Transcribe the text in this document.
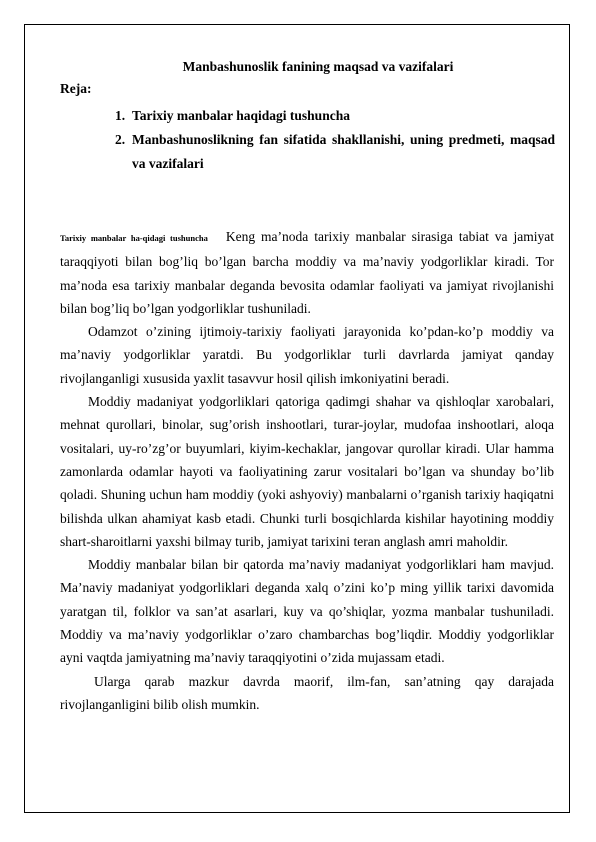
Manbashunoslik fanining maqsad va vazifalari
Reja:
1. Tarixiy manbalar haqidagi tushuncha
2. Manbashunoslikning fan sifatida shakllanishi, uning predmeti, maqsad va vazifalari

Tarixiy manbalar ha-qidagi tushuncha Keng ma’noda tarixiy manbalar sirasiga tabiat va jamiyat taraqqiyoti bilan bog’liq bo’lgan barcha moddiy va ma’naviy yodgorliklar kiradi. Tor ma’noda esa tarixiy manbalar deganda bevosita odamlar faoliyati va jamiyat rivojlanishi bilan bog’liq bo’lgan yodgorliklar tushuniladi.

Odamzot o’zining ijtimoiy-tarixiy faoliyati jarayonida ko’pdan-ko’p moddiy va ma’naviy yodgorliklar yaratdi. Bu yodgorliklar turli davrlarda jamiyat qanday rivojlanganligi xususida yaxlit tasavvur hosil qilish imkoniyatini beradi.

Moddiy madaniyat yodgorliklari qatoriga qadimgi shahar va qishloqlar xarobalari, mehnat qurollari, binolar, sug’orish inshootlari, turar-joylar, mudofaa inshootlari, aloqa vositalari, uy-ro’zg’or buyumlari, kiyim-kechaklar, jangovar qurollar kiradi. Ular hamma zamonlarda odamlar hayoti va faoliyatining zarur vositalari bo’lgan va shunday bo’lib qoladi. Shuning uchun ham moddiy (yoki ashyoviy) manbalarni o’rganish tarixiy haqiqatni bilishda ulkan ahamiyat kasb etadi. Chunki turli bosqichlarda kishilar hayotining moddiy shart-sharoitlarni yaxshi bilmay turib, jamiyat tarixini teran anglash amri maholdir.

Moddiy manbalar bilan bir qatorda ma’naviy madaniyat yodgorliklari ham mavjud. Ma’naviy madaniyat yodgorliklari deganda xalq o’zini ko’p ming yillik tarixi davomida yaratgan til, folklor va san’at asarlari, kuy va qo’shiqlar, yozma manbalar tushuniladi. Moddiy va ma’naviy yodgorliklar o’zaro chambarchas bog’liqdir. Moddiy yodgorliklar ayni vaqtda jamiyatning ma’naviy taraqqiyotini o’zida mujassam etadi.

Ularga qarab mazkur davrda maorif, ilm-fan, san’atning qay darajada rivojlanganligini bilib olish mumkin.
